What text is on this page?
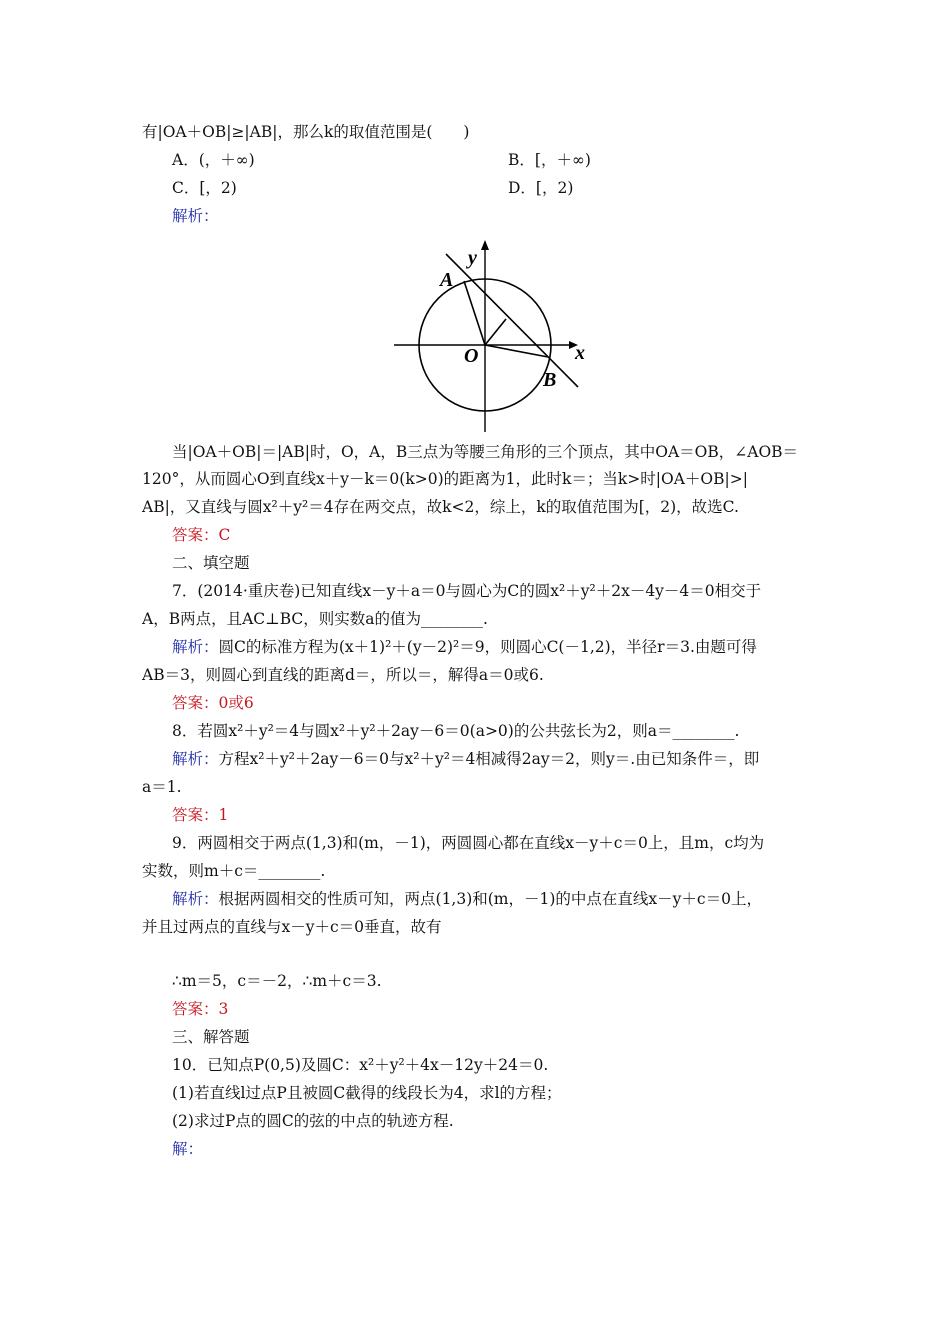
有|OA＋OB|≥|AB|，那么k的取值范围是(　　)
A．(，＋∞)	B．[，＋∞)
C．[，2)	D．[，2)
解析：
y
x
A
O
B
当|OA＋OB|＝|AB|时，O，A，B三点为等腰三角形的三个顶点，其中OA＝OB，∠AOB＝
120°，从而圆心O到直线x＋y－k＝0(k>0)的距离为1，此时k＝；当k>时|OA＋OB|>|
AB|，又直线与圆x²＋y²＝4存在两交点，故k<2，综上，k的取值范围为[，2)，故选C.
答案：C
二、填空题
7．(2014·重庆卷)已知直线x－y＋a＝0与圆心为C的圆x²＋y²＋2x－4y－4＝0相交于
A，B两点，且AC⊥BC，则实数a的值为________.
解析：圆C的标准方程为(x＋1)²＋(y－2)²＝9，则圆心C(－1,2)，半径r＝3.由题可得
AB＝3，则圆心到直线的距离d＝，所以＝，解得a＝0或6.
答案：0或6
8．若圆x²＋y²＝4与圆x²＋y²＋2ay－6＝0(a>0)的公共弦长为2，则a＝________.
解析：方程x²＋y²＋2ay－6＝0与x²＋y²＝4相减得2ay＝2，则y＝.由已知条件＝，即
a＝1.
答案：1
9．两圆相交于两点(1,3)和(m，－1)，两圆圆心都在直线x－y＋c＝0上，且m，c均为
实数，则m＋c＝________.
解析：根据两圆相交的性质可知，两点(1,3)和(m，－1)的中点在直线x－y＋c＝0上，
并且过两点的直线与x－y＋c＝0垂直，故有
∴m＝5，c＝－2，∴m＋c＝3.
答案：3
三、解答题
10．已知点P(0,5)及圆C：x²＋y²＋4x－12y＋24＝0.
(1)若直线l过点P且被圆C截得的线段长为4，求l的方程；
(2)求过P点的圆C的弦的中点的轨迹方程.
解：
